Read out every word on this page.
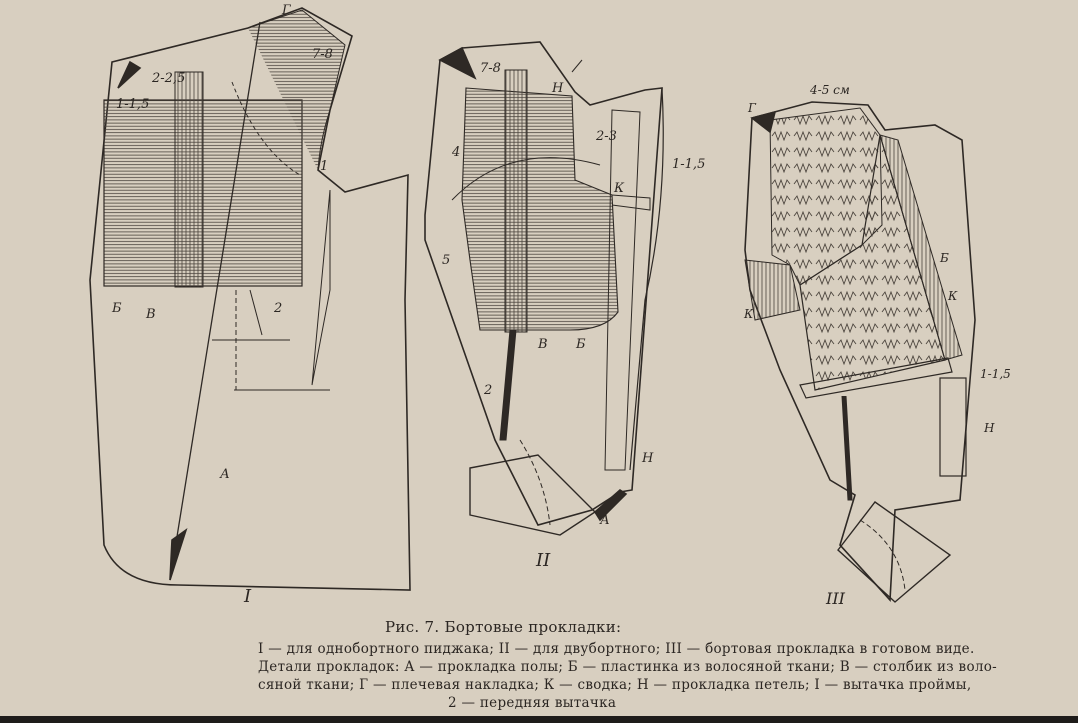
Г
2-2,5
1-1,5
7-8
1
Б В	2
А
I
7-8
Н
2-3
4
1-1,5
К
5
В Б
2
Н
А
II
4-5 см
Г
Б
К
К
1-1,5
Н
III
Рис. 7. Бортовые прокладки:
I — для однобортного пиджака; II — для двубортного; III — бортовая прокладка в готовом виде.
Детали прокладок: А — прокладка полы; Б — пластинка из волосяной ткани; В — столбик из воло-
сяной ткани; Г — плечевая накладка; К — сводка; Н — прокладка петель; I — вытачка проймы,
2 — передняя вытачка
